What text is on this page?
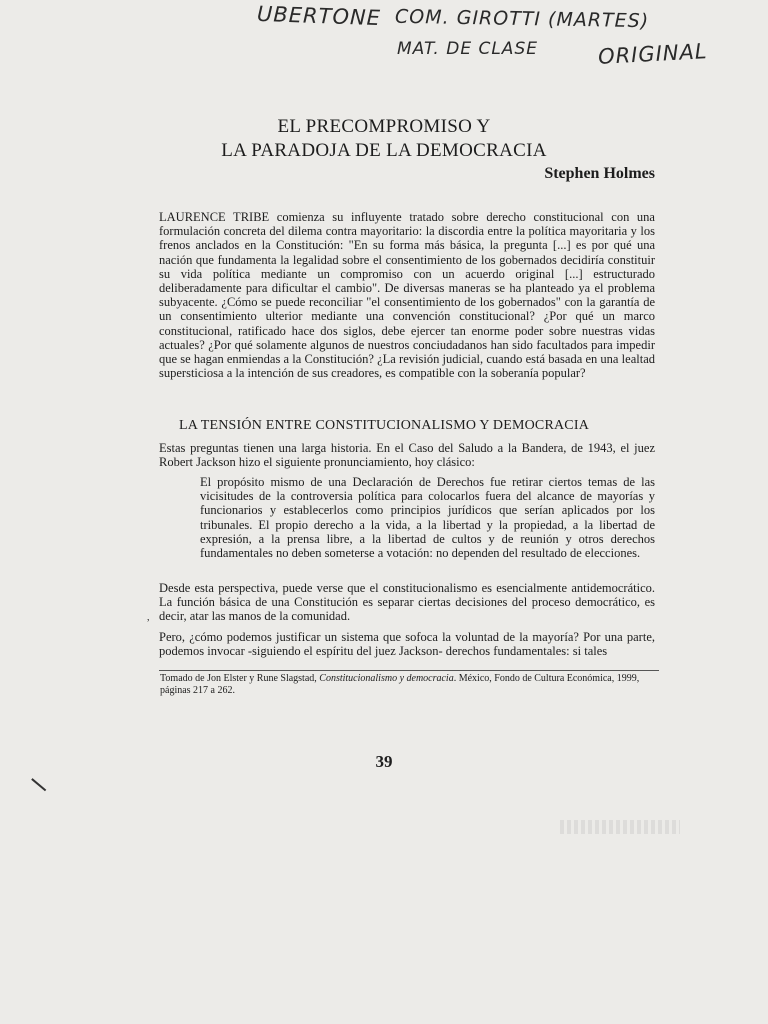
UBERTONE COM. GIROTTI (MARTES)
MAT. DE CLASE	ORIGINAL
EL PRECOMPROMISO Y
LA PARADOJA DE LA DEMOCRACIA
Stephen Holmes

LAURENCE TRIBE comienza su influyente tratado sobre derecho constitucional con una formulación concreta del dilema contra mayoritario: la discordia entre la política mayoritaria y los frenos anclados en la Constitución: "En su forma más básica, la pregunta [...] es por qué una nación que fundamenta la legalidad sobre el consentimiento de los gobernados decidiría constituir su vida política mediante un compromiso con un acuerdo original [...] estructurado deliberadamente para dificultar el cambio". De diversas maneras se ha planteado ya el problema subyacente. ¿Cómo se puede reconciliar "el consentimiento de los gobernados" con la garantía de un consentimiento ulterior mediante una convención constitucional? ¿Por qué un marco constitucional, ratificado hace dos siglos, debe ejercer tan enorme poder sobre nuestras vidas actuales? ¿Por qué solamente algunos de nuestros conciudadanos han sido facultados para impedir que se hagan enmiendas a la Constitución? ¿La revisión judicial, cuando está basada en una lealtad supersticiosa a la intención de sus creadores, es compatible con la soberanía popular?

LA TENSIÓN ENTRE CONSTITUCIONALISMO Y DEMOCRACIA

Estas preguntas tienen una larga historia. En el Caso del Saludo a la Bandera, de 1943, el juez Robert Jackson hizo el siguiente pronunciamiento, hoy clásico:

El propósito mismo de una Declaración de Derechos fue retirar ciertos temas de las vicisitudes de la controversia política para colocarlos fuera del alcance de mayorías y funcionarios y establecerlos como principios jurídicos que serían aplicados por los tribunales. El propio derecho a la vida, a la libertad y la propiedad, a la libertad de expresión, a la prensa libre, a la libertad de cultos y de reunión y otros derechos fundamentales no deben someterse a votación: no dependen del resultado de elecciones.

Desde esta perspectiva, puede verse que el constitucionalismo es esencialmente antidemocrático. La función básica de una Constitución es separar ciertas decisiones del proceso democrático, es decir, atar las manos de la comunidad.

,

Pero, ¿cómo podemos justificar un sistema que sofoca la voluntad de la mayoría? Por una parte, podemos invocar -siguiendo el espíritu del juez Jackson- derechos fundamentales: si tales

Tomado de Jon Elster y Rune Slagstad, Constitucionalismo y democracia. México, Fondo de Cultura Económica, 1999, páginas 217 a 262.
39
